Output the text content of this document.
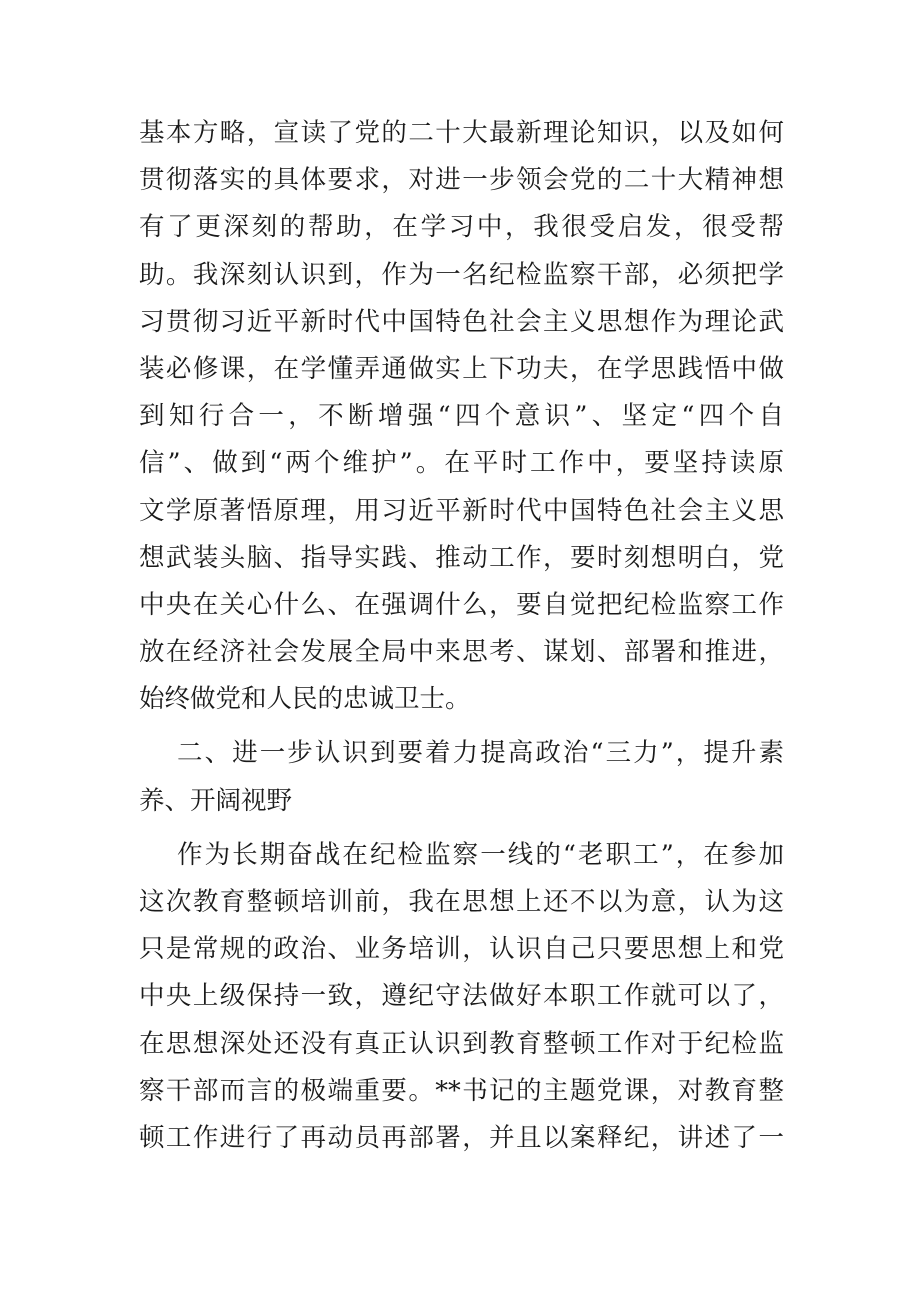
基本方略，宣读了党的二十大最新理论知识，以及如何
贯彻落实的具体要求，对进一步领会党的二十大精神想
有了更深刻的帮助，在学习中，我很受启发，很受帮
助。我深刻认识到，作为一名纪检监察干部，必须把学
习贯彻习近平新时代中国特色社会主义思想作为理论武
装必修课，在学懂弄通做实上下功夫，在学思践悟中做
到知行合一，不断增强“四个意识”、坚定“四个自
信”、做到“两个维护”。在平时工作中，要坚持读原
文学原著悟原理，用习近平新时代中国特色社会主义思
想武装头脑、指导实践、推动工作，要时刻想明白，党
中央在关心什么、在强调什么，要自觉把纪检监察工作
放在经济社会发展全局中来思考、谋划、部署和推进，
始终做党和人民的忠诚卫士。
二、进一步认识到要着力提高政治“三力”，提升素
养、开阔视野
作为长期奋战在纪检监察一线的“老职工”，在参加
这次教育整顿培训前，我在思想上还不以为意，认为这
只是常规的政治、业务培训，认识自己只要思想上和党
中央上级保持一致，遵纪守法做好本职工作就可以了，
在思想深处还没有真正认识到教育整顿工作对于纪检监
察干部而言的极端重要。**书记的主题党课，对教育整
顿工作进行了再动员再部署，并且以案释纪，讲述了一
